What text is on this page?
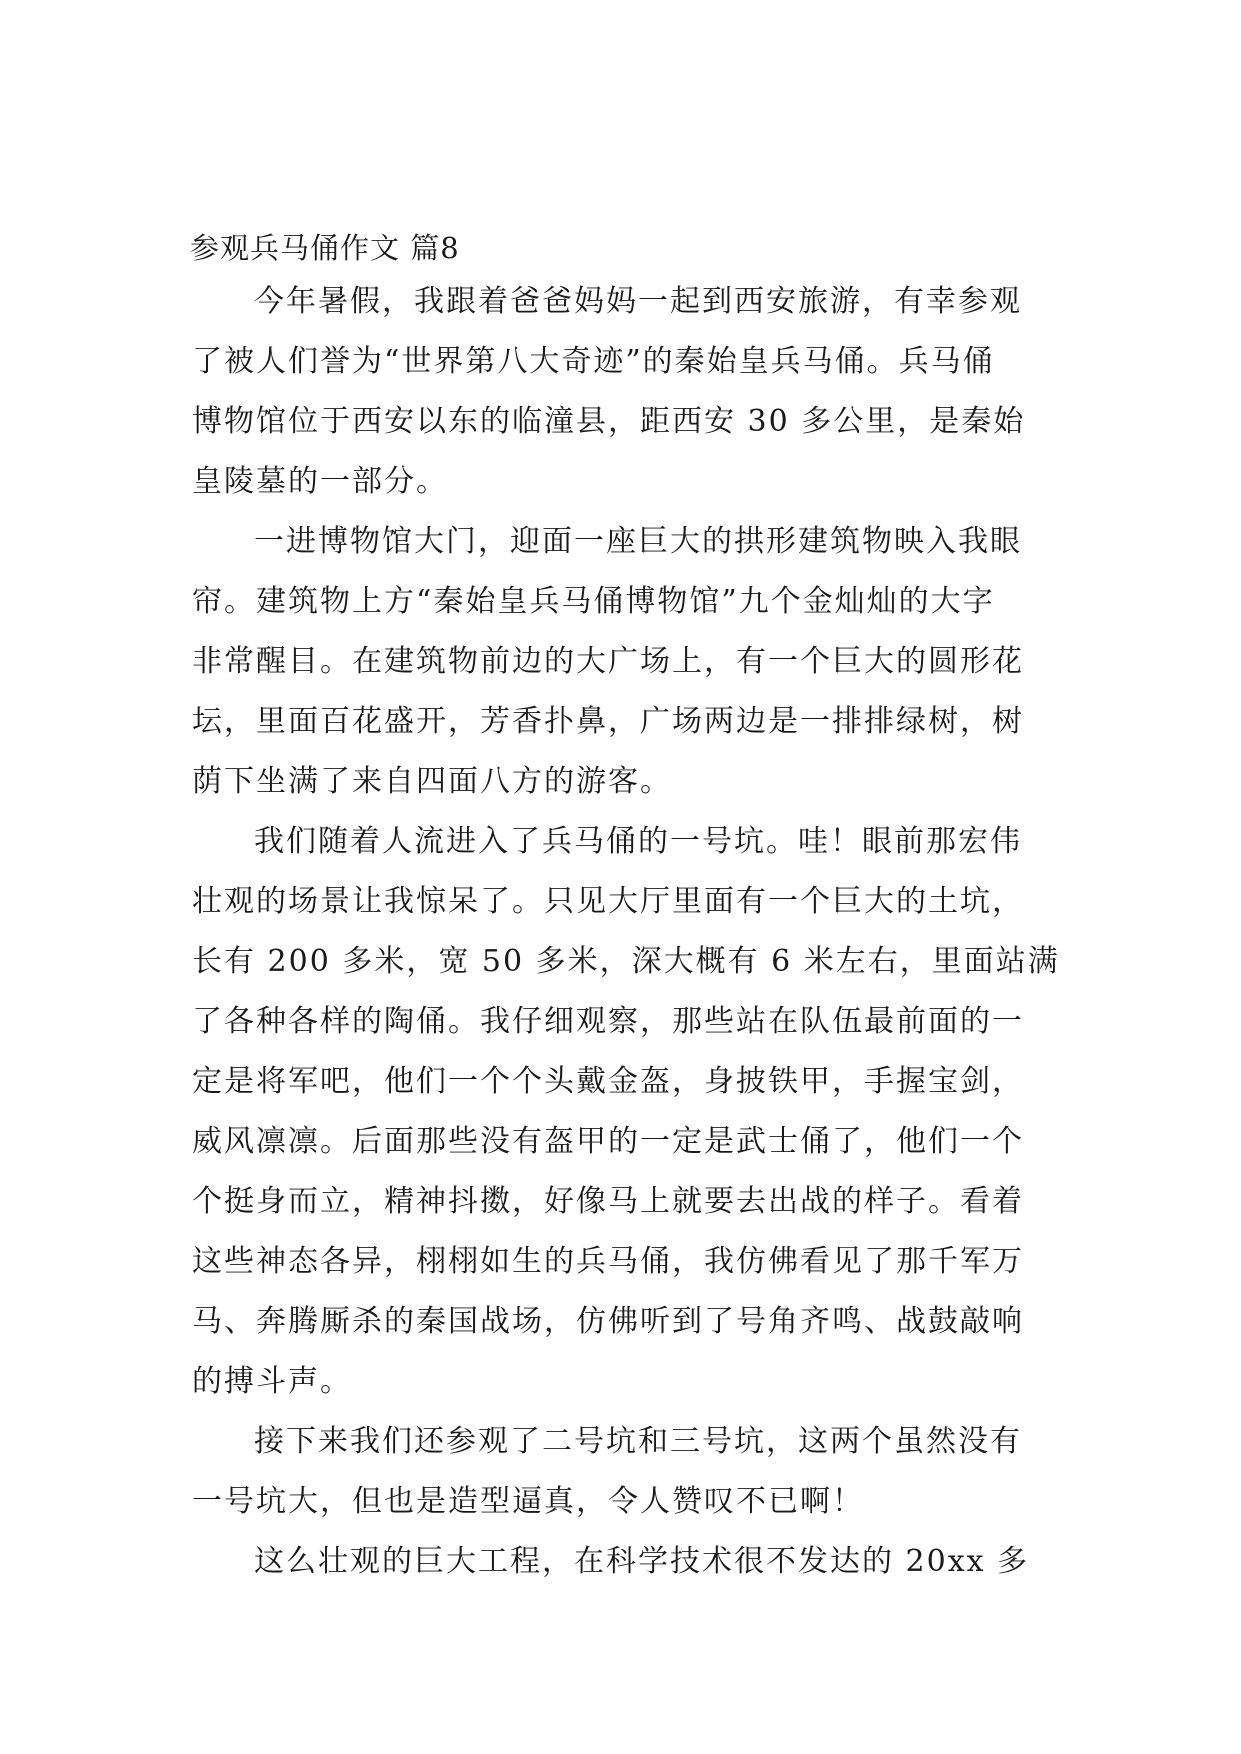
参观兵马俑作文 篇8

今年暑假，我跟着爸爸妈妈一起到西安旅游，有幸参观

了被人们誉为“世界第八大奇迹”的秦始皇兵马俑。兵马俑

博物馆位于西安以东的临潼县，距西安 30 多公里，是秦始

皇陵墓的一部分。

一进博物馆大门，迎面一座巨大的拱形建筑物映入我眼

帘。建筑物上方“秦始皇兵马俑博物馆”九个金灿灿的大字

非常醒目。在建筑物前边的大广场上，有一个巨大的圆形花

坛，里面百花盛开，芳香扑鼻，广场两边是一排排绿树，树

荫下坐满了来自四面八方的游客。

我们随着人流进入了兵马俑的一号坑。哇！眼前那宏伟

壮观的场景让我惊呆了。只见大厅里面有一个巨大的土坑，

长有 200 多米，宽 50 多米，深大概有 6 米左右，里面站满

了各种各样的陶俑。我仔细观察，那些站在队伍最前面的一

定是将军吧，他们一个个头戴金盔，身披铁甲，手握宝剑，

威风凛凛。后面那些没有盔甲的一定是武士俑了，他们一个

个挺身而立，精神抖擞，好像马上就要去出战的样子。看着

这些神态各异，栩栩如生的兵马俑，我仿佛看见了那千军万

马、奔腾厮杀的秦国战场，仿佛听到了号角齐鸣、战鼓敲响

的搏斗声。

接下来我们还参观了二号坑和三号坑，这两个虽然没有

一号坑大，但也是造型逼真，令人赞叹不已啊！

这么壮观的巨大工程，在科学技术很不发达的 20xx 多
